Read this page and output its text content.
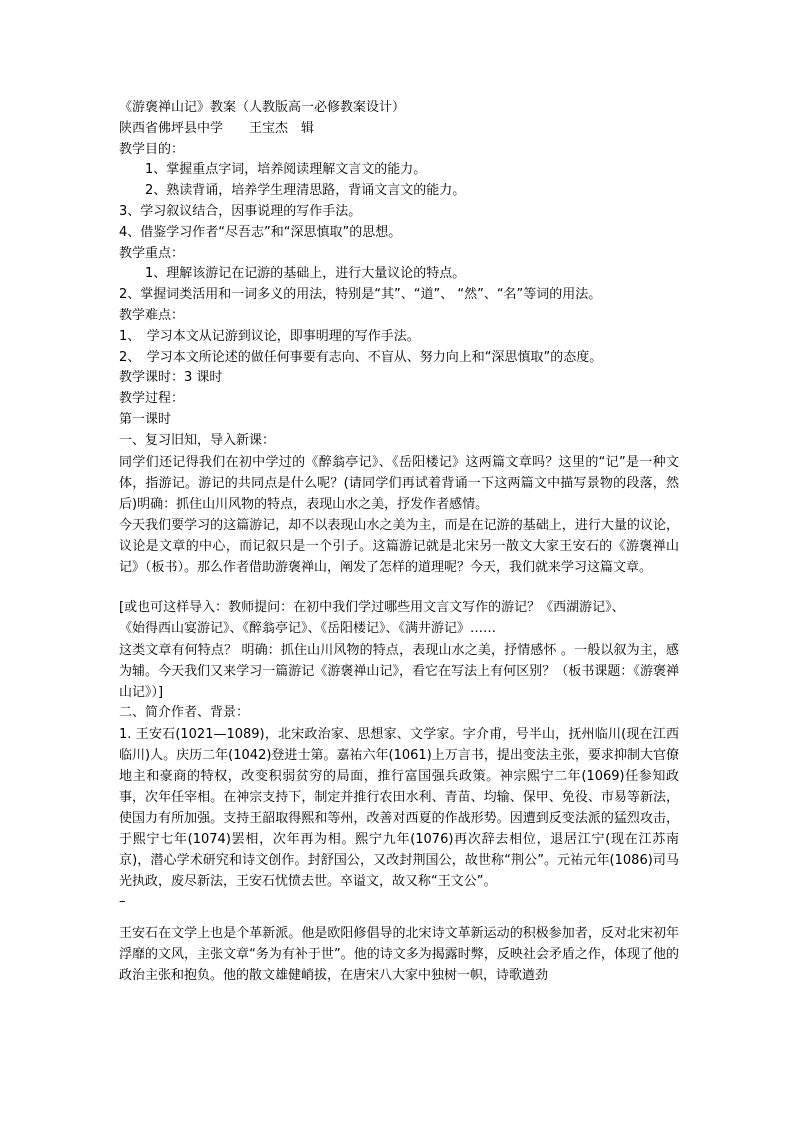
《游褒禅山记》教案（人教版高一必修教案设计）
陕西省佛坪县中学　　王宝杰　辑
教学目的：
1、掌握重点字词，培养阅读理解文言文的能力。
2、熟读背诵，培养学生理清思路，背诵文言文的能力。
3、学习叙议结合，因事说理的写作手法。
4、借鉴学习作者“尽吾志”和“深思慎取”的思想。
教学重点：
1、理解该游记在记游的基础上，进行大量议论的特点。
2、掌握词类活用和一词多义的用法，特别是“其”、“道”、 “然”、“名”等词的用法。
教学难点：
1、　学习本文从记游到议论，即事明理的写作手法。
2、　学习本文所论述的做任何事要有志向、不盲从、努力向上和“深思慎取”的态度。
教学课时：3 课时
教学过程：
第一课时
一、复习旧知，导入新课：
同学们还记得我们在初中学过的《醉翁亭记》、《岳阳楼记》这两篇文章吗？这里的“记”是一种文体，指游记。游记的共同点是什么呢？(请同学们再试着背诵一下这两篇文中描写景物的段落，然后)明确：抓住山川风物的特点，表现山水之美，抒发作者感情。
今天我们要学习的这篇游记，却不以表现山水之美为主，而是在记游的基础上，进行大量的议论，议论是文章的中心，而记叙只是一个引子。这篇游记就是北宋另一散文大家王安石的《游褒禅山记》（板书）。那么作者借助游褒禅山，阐发了怎样的道理呢？今天，我们就来学习这篇文章。
[或也可这样导入：教师提问：在初中我们学过哪些用文言文写作的游记？《西湖游记》、
《始得西山宴游记》、《醉翁亭记》、《岳阳楼记》、《满井游记》……
这类文章有何特点？ 明确：抓住山川风物的特点，表现山水之美，抒情感怀 。一般以叙为主，感为辅。今天我们又来学习一篇游记《游褒禅山记》，看它在写法上有何区别？（板书课题：《游褒禅山记》）]
二、简介作者、背景：
1. 王安石(1021—1089)，北宋政治家、思想家、文学家。字介甫，号半山，抚州临川(现在江西临川)人。庆历二年(1042)登进士第。嘉祐六年(1061)上万言书，提出变法主张，要求抑制大官僚地主和豪商的特权，改变积弱贫穷的局面，推行富国强兵政策。神宗熙宁二年(1069)任参知政事，次年任宰相。在神宗支持下，制定并推行农田水利、青苗、均输、保甲、免役、市易等新法，使国力有所加强。支持王韶取得熙和等州，改善对西夏的作战形势。因遭到反变法派的猛烈攻击，于熙宁七年(1074)罢相，次年再为相。熙宁九年(1076)再次辞去相位，退居江宁(现在江苏南京)，潜心学术研究和诗文创作。封舒国公，又改封荆国公，故世称“荆公”。元祐元年(1086)司马光执政，废尽新法，王安石忧愤去世。卒谥文，故又称“王文公”。
–
王安石在文学上也是个革新派。他是欧阳修倡导的北宋诗文革新运动的积极参加者，反对北宋初年浮靡的文风，主张文章“务为有补于世”。他的诗文多为揭露时弊，反映社会矛盾之作，体现了他的政治主张和抱负。他的散文雄健峭拔，在唐宋八大家中独树一帜，诗歌遒劲
